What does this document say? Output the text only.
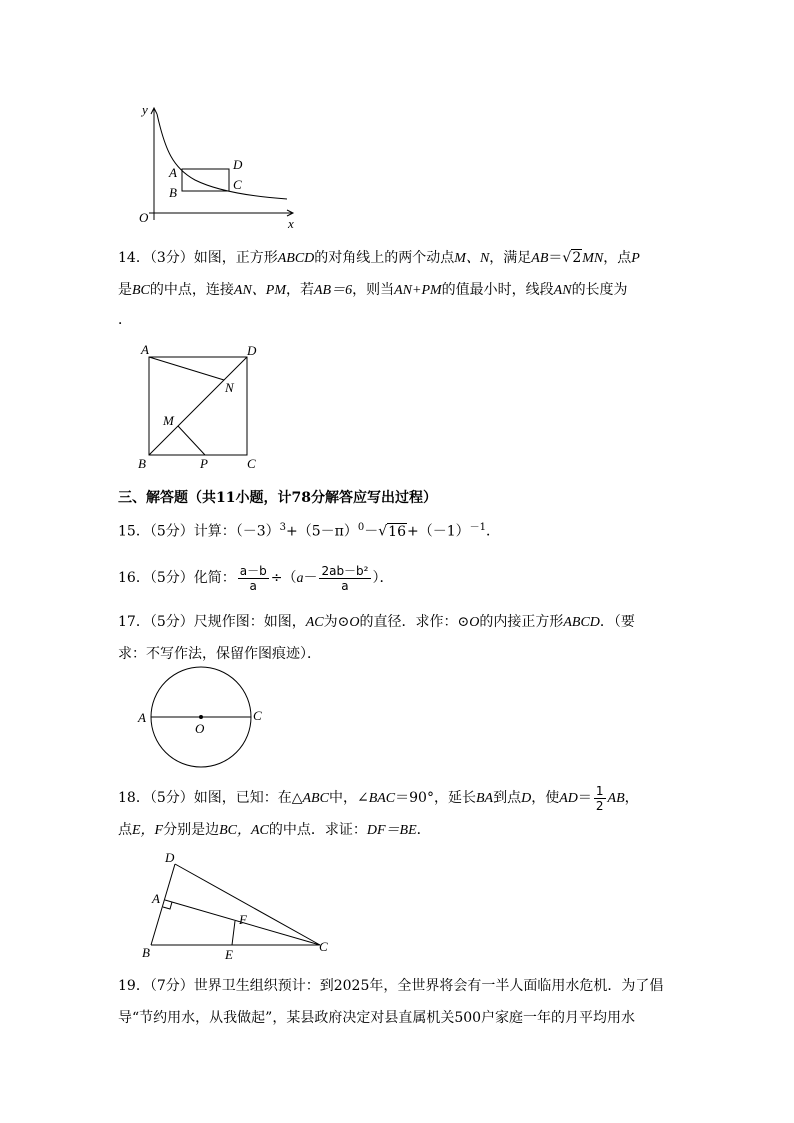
y
x
O
A
B
D
C
14．（3分）如图，正方形ABCD的对角线上的两个动点M、N，满足AB＝√2MN，点P
是BC的中点，连接AN、PM，若AB＝6，则当AN+PM的值最小时，线段AN的长度为
．
A	D
N
M
B	P	C
三、解答题（共11小题，计78分解答应写出过程）
15．（5分）计算：$(-3)^3+(5-\pi)^0-√16+(-1)^{-1}$．
16．（5分）化简： $\frac{a-b}{a} \div(a- \frac{\text{2ab－b²}}{a}$ ）．
17．（5分）尺规作图：如图，AC为⊙O的直径．求作：⊙O的内接正方形ABCD．（要
求：不写作法，保留作图痕迹）．
A
O
C
18．（5分）如图，已知：在△ABC中，∠BAC＝90°，延长BA到点D，使$AD= \frac{1}{2}$ AB，
点E，F分别是边BC，AC的中点．求证：DF＝BE．
D
A
F
B	E
C
19．（7分）世界卫生组织预计：到2025年，全世界将会有一半人面临用水危机．为了倡
导“节约用水，从我做起”，某县政府决定对县直属机关500户家庭一年的月平均用水
